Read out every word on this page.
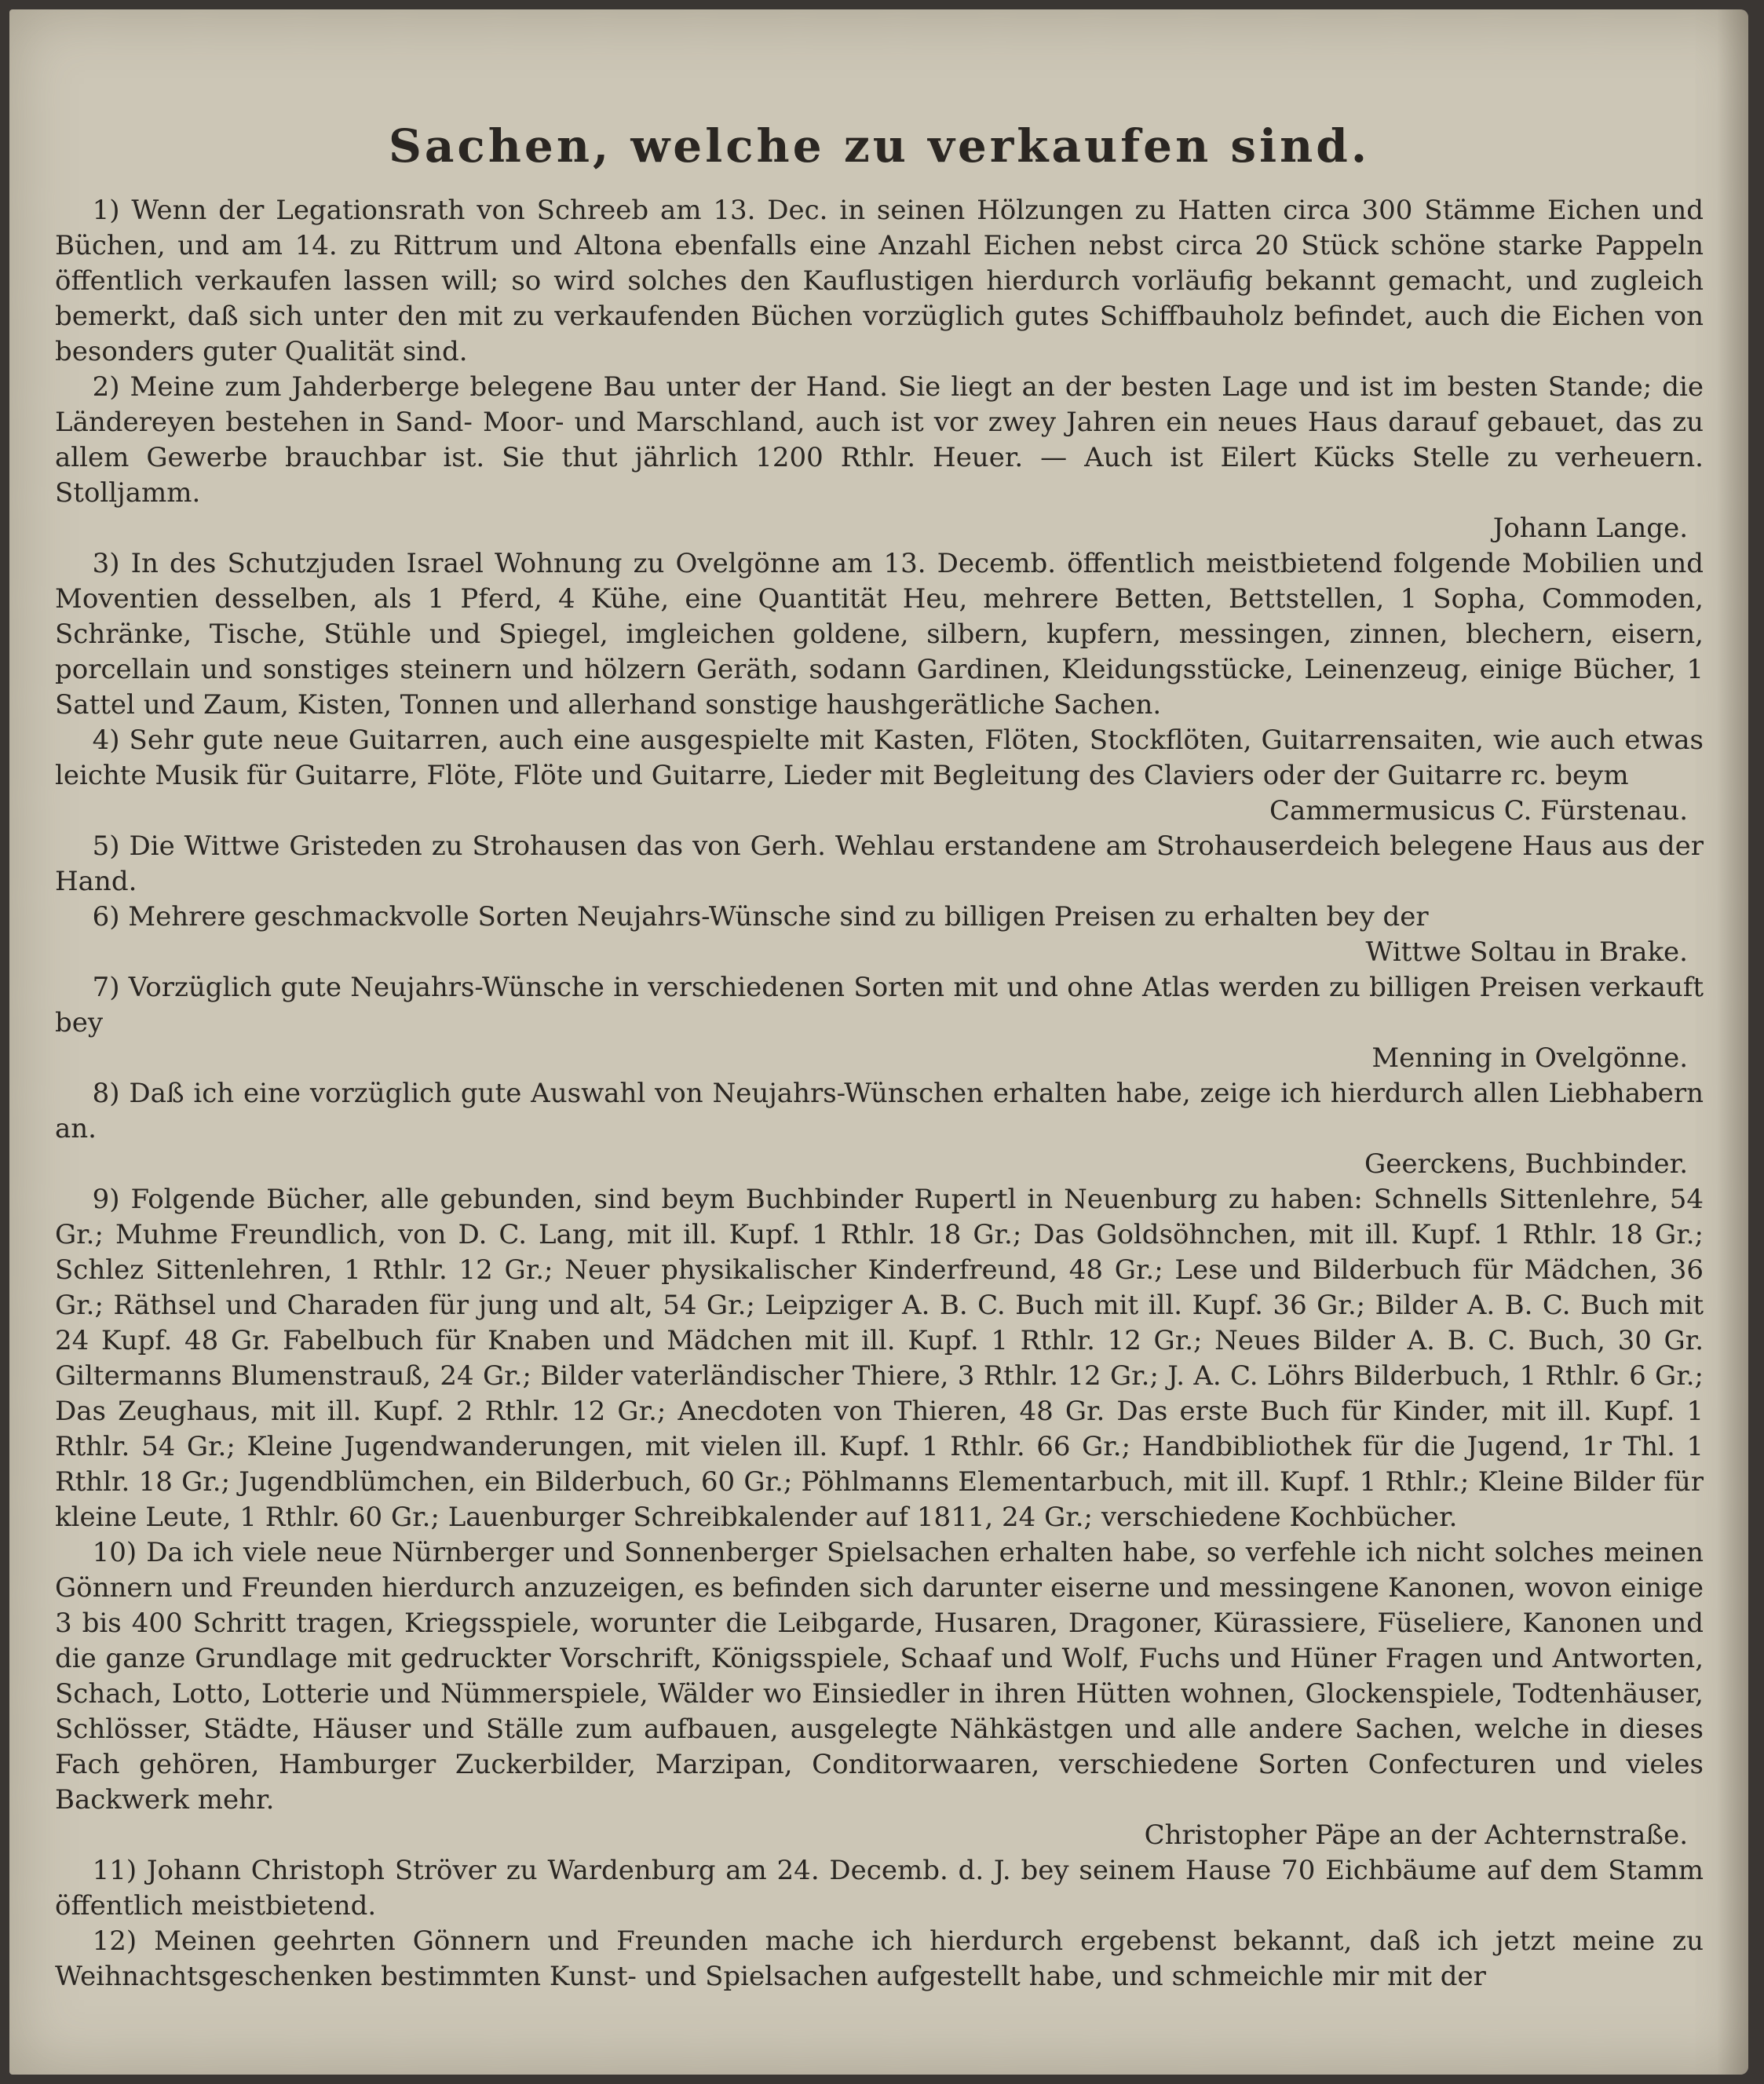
Sachen, welche zu verkaufen sind.

1) Wenn der Legationsrath von Schreeb am 13. Dec. in seinen Hölzungen zu Hatten circa 300 Stämme Eichen und Büchen, und am 14. zu Rittrum und Altona ebenfalls eine Anzahl Eichen nebst circa 20 Stück schöne starke Pappeln öffentlich verkaufen lassen will; so wird solches den Kauflustigen hierdurch vorläufig bekannt gemacht, und zugleich bemerkt, daß sich unter den mit zu verkaufenden Büchen vorzüglich gutes Schiffbauholz befindet, auch die Eichen von besonders guter Qualität sind.

2) Meine zum Jahderberge belegene Bau unter der Hand. Sie liegt an der besten Lage und ist im besten Stande; die Ländereyen bestehen in Sand- Moor- und Marschland, auch ist vor zwey Jahren ein neues Haus darauf gebauet, das zu allem Gewerbe brauchbar ist. Sie thut jährlich 1200 Rthlr. Heuer. — Auch ist Eilert Kücks Stelle zu verheuern. Stolljamm.

Johann Lange.

3) In des Schutzjuden Israel Wohnung zu Ovelgönne am 13. Decemb. öffentlich meistbietend folgende Mobilien und Moventien desselben, als 1 Pferd, 4 Kühe, eine Quantität Heu, mehrere Betten, Bettstellen, 1 Sopha, Commoden, Schränke, Tische, Stühle und Spiegel, imgleichen goldene, silbern, kupfern, messingen, zinnen, blechern, eisern, porcellain und sonstiges steinern und hölzern Geräth, sodann Gardinen, Kleidungsstücke, Leinenzeug, einige Bücher, 1 Sattel und Zaum, Kisten, Tonnen und allerhand sonstige haushgerätliche Sachen.

4) Sehr gute neue Guitarren, auch eine ausgespielte mit Kasten, Flöten, Stockflöten, Guitarrensaiten, wie auch etwas leichte Musik für Guitarre, Flöte, Flöte und Guitarre, Lieder mit Begleitung des Claviers oder der Guitarre rc. beym

Cammermusicus C. Fürstenau.

5) Die Wittwe Gristeden zu Strohausen das von Gerh. Wehlau erstandene am Strohauserdeich belegene Haus aus der Hand.

6) Mehrere geschmackvolle Sorten Neujahrs-Wünsche sind zu billigen Preisen zu erhalten bey der

Wittwe Soltau in Brake.

7) Vorzüglich gute Neujahrs-Wünsche in verschiedenen Sorten mit und ohne Atlas werden zu billigen Preisen verkauft bey

Menning in Ovelgönne.

8) Daß ich eine vorzüglich gute Auswahl von Neujahrs-Wünschen erhalten habe, zeige ich hierdurch allen Liebhabern an.

Geerckens, Buchbinder.

9) Folgende Bücher, alle gebunden, sind beym Buchbinder Rupertl in Neuenburg zu haben: Schnells Sittenlehre, 54 Gr.; Muhme Freundlich, von D. C. Lang, mit ill. Kupf. 1 Rthlr. 18 Gr.; Das Goldsöhnchen, mit ill. Kupf. 1 Rthlr. 18 Gr.; Schlez Sittenlehren, 1 Rthlr. 12 Gr.; Neuer physikalischer Kinderfreund, 48 Gr.; Lese und Bilderbuch für Mädchen, 36 Gr.; Räthsel und Charaden für jung und alt, 54 Gr.; Leipziger A. B. C. Buch mit ill. Kupf. 36 Gr.; Bilder A. B. C. Buch mit 24 Kupf. 48 Gr. Fabelbuch für Knaben und Mädchen mit ill. Kupf. 1 Rthlr. 12 Gr.; Neues Bilder A. B. C. Buch, 30 Gr. Giltermanns Blumenstrauß, 24 Gr.; Bilder vaterländischer Thiere, 3 Rthlr. 12 Gr.; J. A. C. Löhrs Bilderbuch, 1 Rthlr. 6 Gr.; Das Zeughaus, mit ill. Kupf. 2 Rthlr. 12 Gr.; Anecdoten von Thieren, 48 Gr. Das erste Buch für Kinder, mit ill. Kupf. 1 Rthlr. 54 Gr.; Kleine Jugendwanderungen, mit vielen ill. Kupf. 1 Rthlr. 66 Gr.; Handbibliothek für die Jugend, 1r Thl. 1 Rthlr. 18 Gr.; Jugendblümchen, ein Bilderbuch, 60 Gr.; Pöhlmanns Elementarbuch, mit ill. Kupf. 1 Rthlr.; Kleine Bilder für kleine Leute, 1 Rthlr. 60 Gr.; Lauenburger Schreibkalender auf 1811, 24 Gr.; verschiedene Kochbücher.

10) Da ich viele neue Nürnberger und Sonnenberger Spielsachen erhalten habe, so verfehle ich nicht solches meinen Gönnern und Freunden hierdurch anzuzeigen, es befinden sich darunter eiserne und messingene Kanonen, wovon einige 3 bis 400 Schritt tragen, Kriegsspiele, worunter die Leibgarde, Husaren, Dragoner, Kürassiere, Füseliere, Kanonen und die ganze Grundlage mit gedruckter Vorschrift, Königsspiele, Schaaf und Wolf, Fuchs und Hüner Fragen und Antworten, Schach, Lotto, Lotterie und Nümmerspiele, Wälder wo Einsiedler in ihren Hütten wohnen, Glockenspiele, Todtenhäuser, Schlösser, Städte, Häuser und Ställe zum aufbauen, ausgelegte Nähkästgen und alle andere Sachen, welche in dieses Fach gehören, Hamburger Zuckerbilder, Marzipan, Conditorwaaren, verschiedene Sorten Confecturen und vieles Backwerk mehr.

Christopher Päpe an der Achternstraße.

11) Johann Christoph Ströver zu Wardenburg am 24. Decemb. d. J. bey seinem Hause 70 Eichbäume auf dem Stamm öffentlich meistbietend.

12) Meinen geehrten Gönnern und Freunden mache ich hierdurch ergebenst bekannt, daß ich jetzt meine zu Weihnachtsgeschenken bestimmten Kunst- und Spielsachen aufgestellt habe, und schmeichle mir mit der
